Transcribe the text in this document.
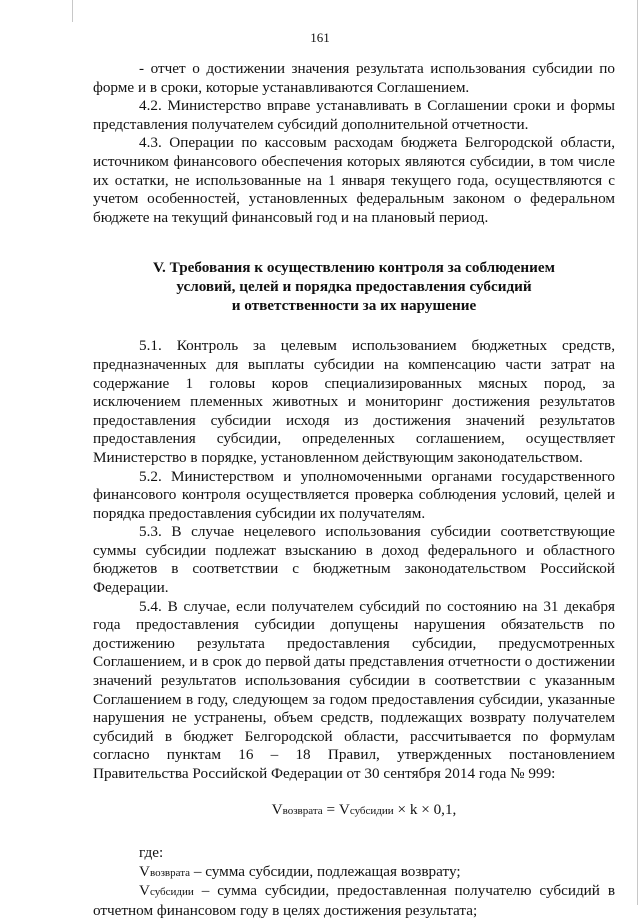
161

- отчет о достижении значения результата использования субсидии по форме и в сроки, которые устанавливаются Соглашением.

4.2. Министерство вправе устанавливать в Соглашении сроки и формы представления получателем субсидий дополнительной отчетности.

4.3. Операции по кассовым расходам бюджета Белгородской области, источником финансового обеспечения которых являются субсидии, в том числе их остатки, не использованные на 1 января текущего года, осуществляются с учетом особенностей, установленных федеральным законом о федеральном бюджете на текущий финансовый год и на плановый период.

V. Требования к осуществлению контроля за соблюдением
условий, целей и порядка предоставления субсидий
и ответственности за их нарушение

5.1. Контроль за целевым использованием бюджетных средств, предназначенных для выплаты субсидии на компенсацию части затрат на содержание 1 головы коров специализированных мясных пород, за исключением племенных животных и мониторинг достижения результатов предоставления субсидии исходя из достижения значений результатов предоставления субсидии, определенных соглашением, осуществляет Министерство в порядке, установленном действующим законодательством.

5.2. Министерством и уполномоченными органами государственного финансового контроля осуществляется проверка соблюдения условий, целей и порядка предоставления субсидии их получателям.

5.3. В случае нецелевого использования субсидии соответствующие суммы субсидии подлежат взысканию в доход федерального и областного бюджетов в соответствии с бюджетным законодательством Российской Федерации.

5.4. В случае, если получателем субсидий по состоянию на 31 декабря года предоставления субсидии допущены нарушения обязательств по достижению результата предоставления субсидии, предусмотренных Соглашением, и в срок до первой даты представления отчетности о достижении значений результатов использования субсидии в соответствии с указанным Соглашением в году, следующем за годом предоставления субсидии, указанные нарушения не устранены, объем средств, подлежащих возврату получателем субсидий в бюджет Белгородской области, рассчитывается по формулам согласно пунктам 16 – 18 Правил, утвержденных постановлением Правительства Российской Федерации от 30 сентября 2014 года № 999:

Vвозврата = Vсубсидии × k × 0,1,

где:

Vвозврата – сумма субсидии, подлежащая возврату;

Vсубсидии – сумма субсидии, предоставленная получателю субсидий в отчетном финансовом году в целях достижения результата;
